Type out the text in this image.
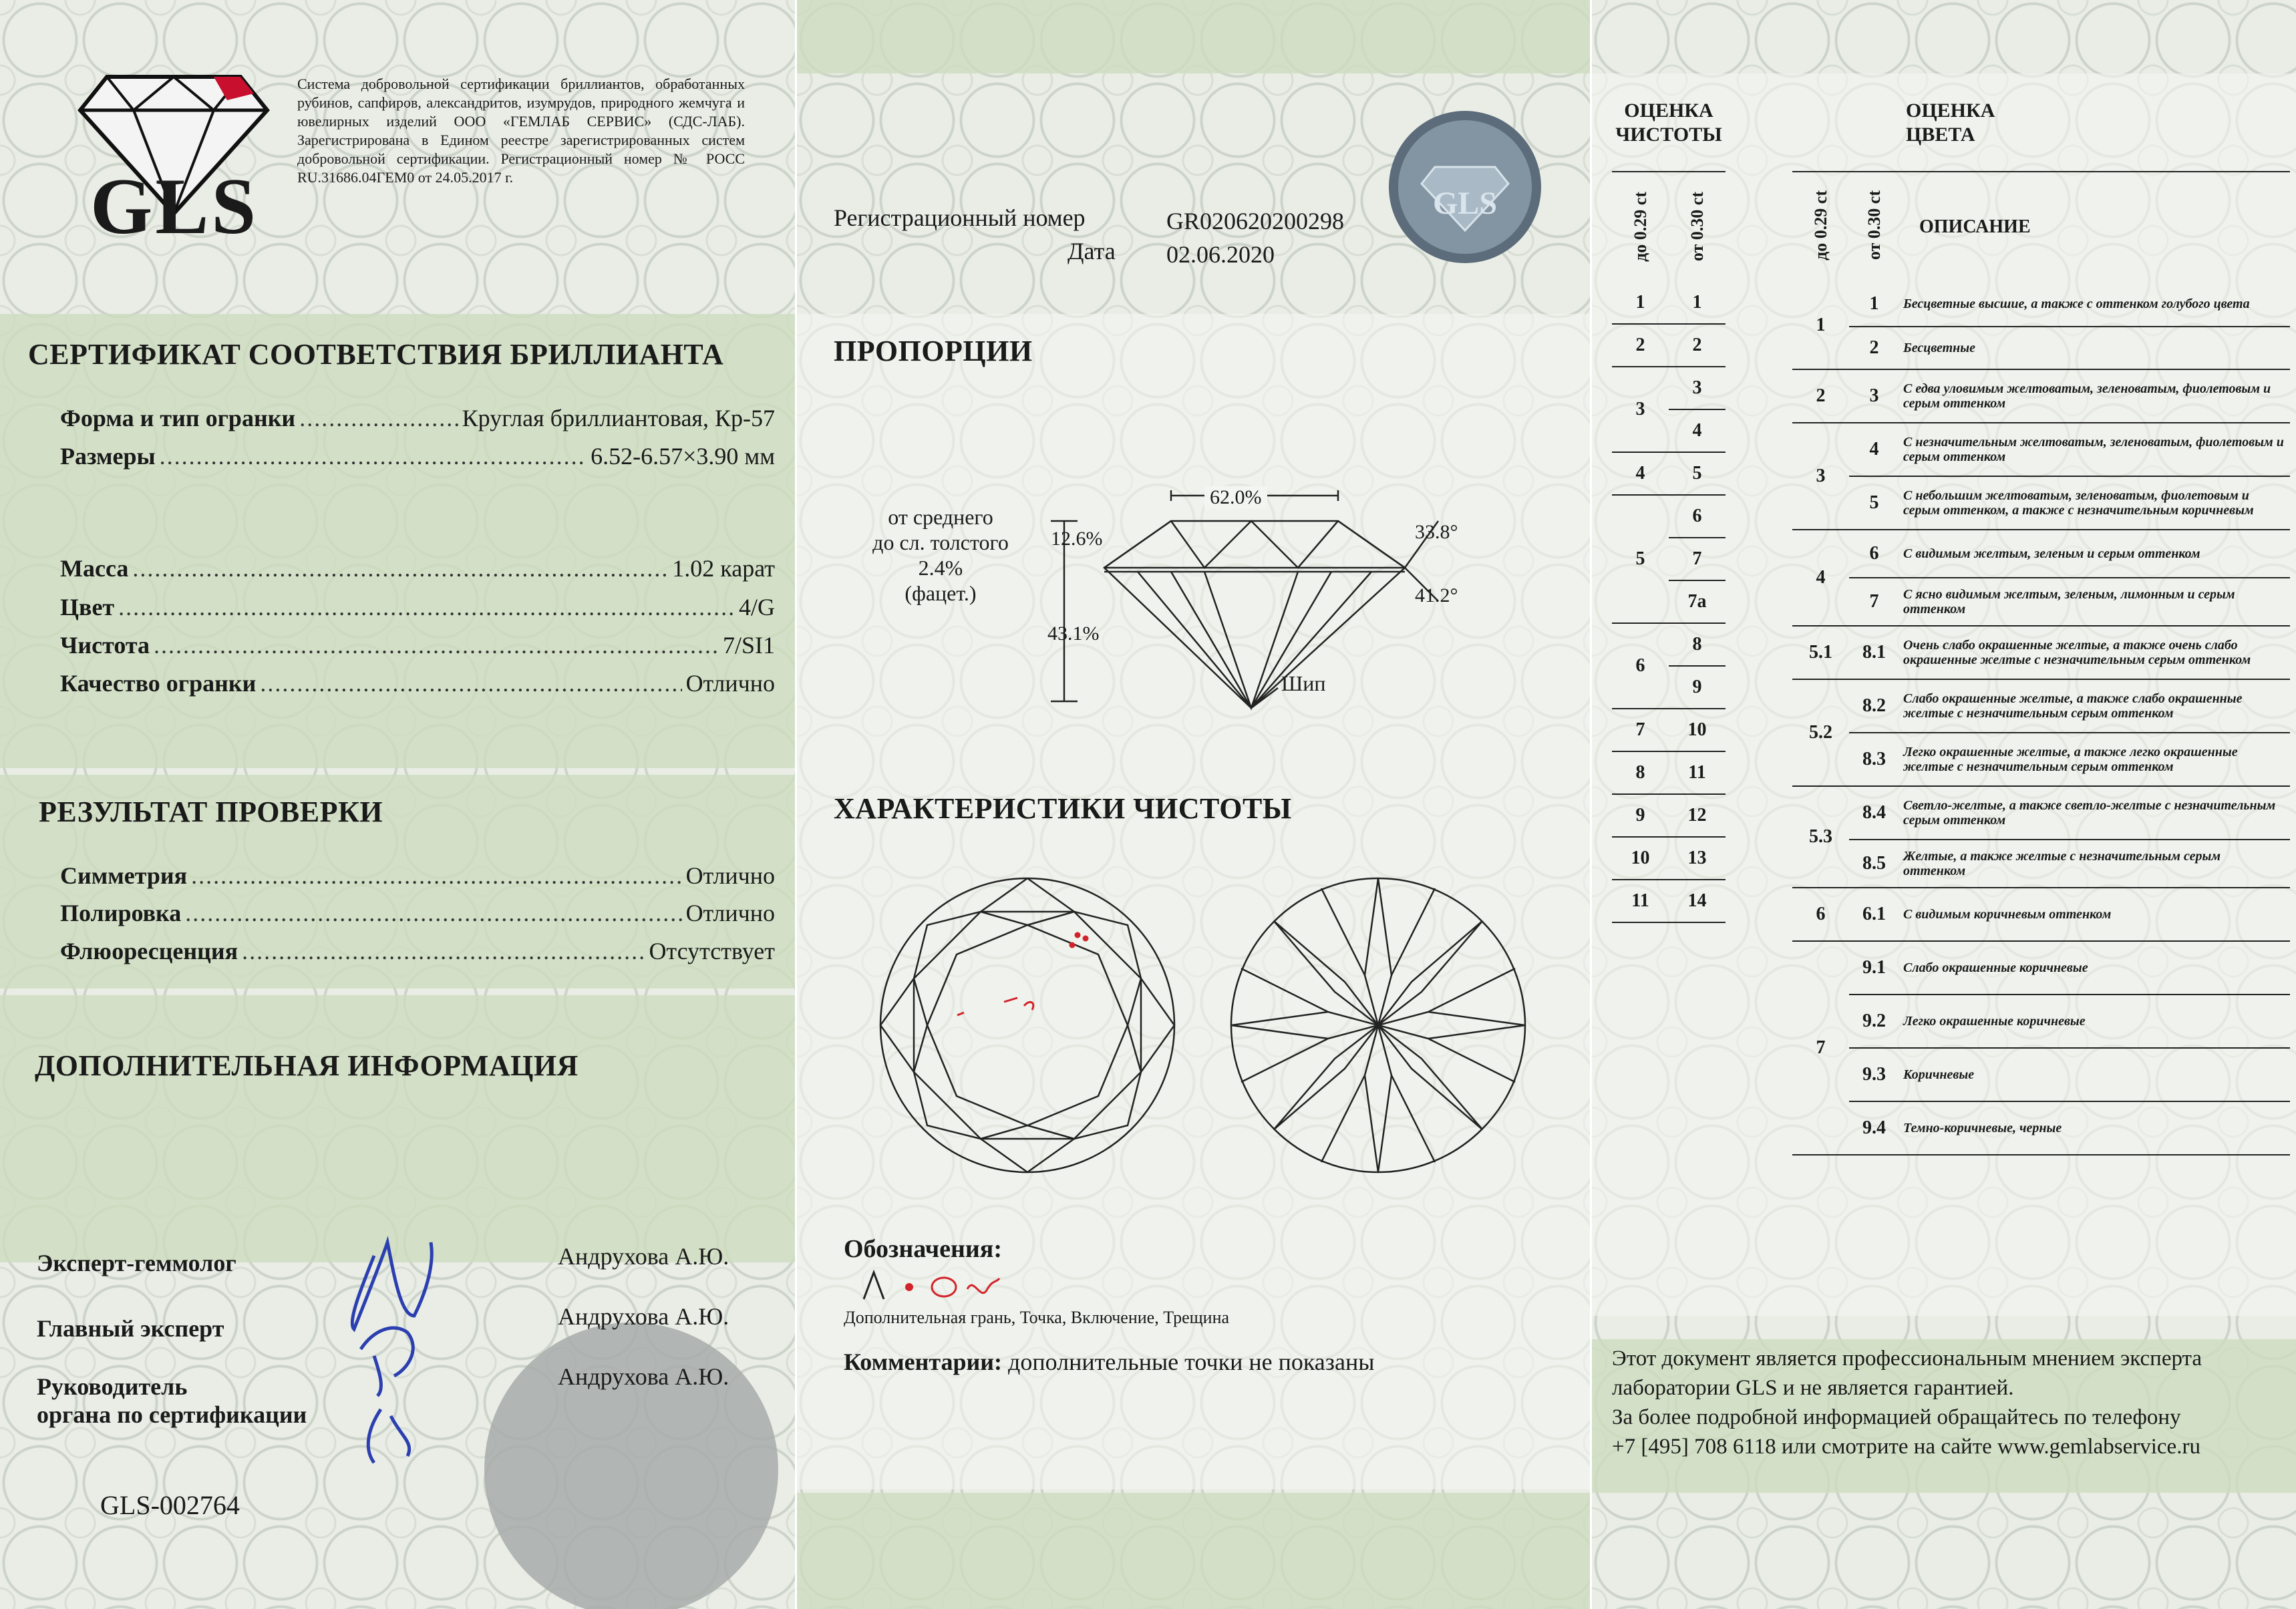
GLS
Система добровольной сертификации бриллиантов, обработанных рубинов, сапфиров, александритов, изумрудов, природного жемчуга и ювелирных изделий ООО «ГЕМЛАБ СЕРВИС» (СДС-ЛАБ). Зарегистрирована в Едином реестре зарегистрированных систем добровольной сертификации. Регистрационный номер № РОСС RU.31686.04ГЕМ0 от 24.05.2017 г.
СЕРТИФИКАТ СООТВЕТСТВИЯ БРИЛЛИАНТА
Форма и тип огранки .....	Круглая бриллиантовая, Кр-57
Размеры .....	6.52-6.57×3.90 мм
Масса .....	1.02 карат
Цвет .....	4/G
Чистота .....	7/SI1
Качество огранки .....	Отлично
РЕЗУЛЬТАТ ПРОВЕРКИ
Симметрия .....	Отлично
Полировка .....	Отлично
Флюоресценция .....	Отсутствует
ДОПОЛНИТЕЛЬНАЯ ИНФОРМАЦИЯ
Эксперт-геммолог	Андрухова А.Ю.
Главный эксперт	Андрухова А.Ю.
Руководитель
органа по сертификации
Андрухова А.Ю.
GLS-002764
GLS
Регистрационный номер	GR020620200298
Дата 02.06.2020
ПРОПОРЦИИ
от среднего
до сл. толстого
2.4%
(фацет.)
62.0%
12.6%	33.8°
43.1%
41.2°
Шип
ХАРАКТЕРИСТИКИ ЧИСТОТЫ
Обозначения:
Дополнительная грань, Точка, Включение, Трещина
Комментарии: дополнительные точки не показаны
ОЦЕНКА
ЧИСТОТЫ
до 0.29 ct от 0.30 ct
1	1
2	2
3	3
	4
4	5
5	6
	7
	7a
6	8
	9
7	10
8	11
9	12
10	13
11	14
ОЦЕНКА
ЦВЕТА
до 0.29 ct	от 0.30 ct	ОПИСАНИЕ
1	1	Бесцветные высшие, а также с оттенком голубого цвета
	2	Бесцветные
2	3	С едва уловимым желтоватым, зеленоватым, фиолетовым и серым оттенком
3	4	С незначительным желтоватым, зеленоватым, фиолетовым и серым оттенком
	5	С небольшим желтоватым, зеленоватым, фиолетовым и серым оттенком, а также с незначительным коричневым
4	6	С видимым желтым, зеленым и серым оттенком
	7	С ясно видимым желтым, зеленым, лимонным и серым оттенком
5.1	8.1	Очень слабо окрашенные желтые, а также очень слабо окрашенные желтые с незначительным серым оттенком
5.2	8.2	Слабо окрашенные желтые, а также слабо окрашенные желтые с незначительным серым оттенком
	8.3	Легко окрашенные желтые, а также легко окрашенные желтые с незначительным серым оттенком
5.3	8.4	Светло-желтые, а также светло-желтые с незначительным серым оттенком
	8.5	Желтые, а также желтые с незначительным серым оттенком
6	6.1	С видимым коричневым оттенком
7	9.1	Слабо окрашенные коричневые
	9.2	Легко окрашенные коричневые
	9.3	Коричневые
	9.4	Темно-коричневые, черные
Этот документ является профессиональным мнением эксперта
лаборатории GLS и не является гарантией.
За более подробной информацией обращайтесь по телефону
+7 [495] 708 6118 или смотрите на сайте www.gemlabservice.ru
